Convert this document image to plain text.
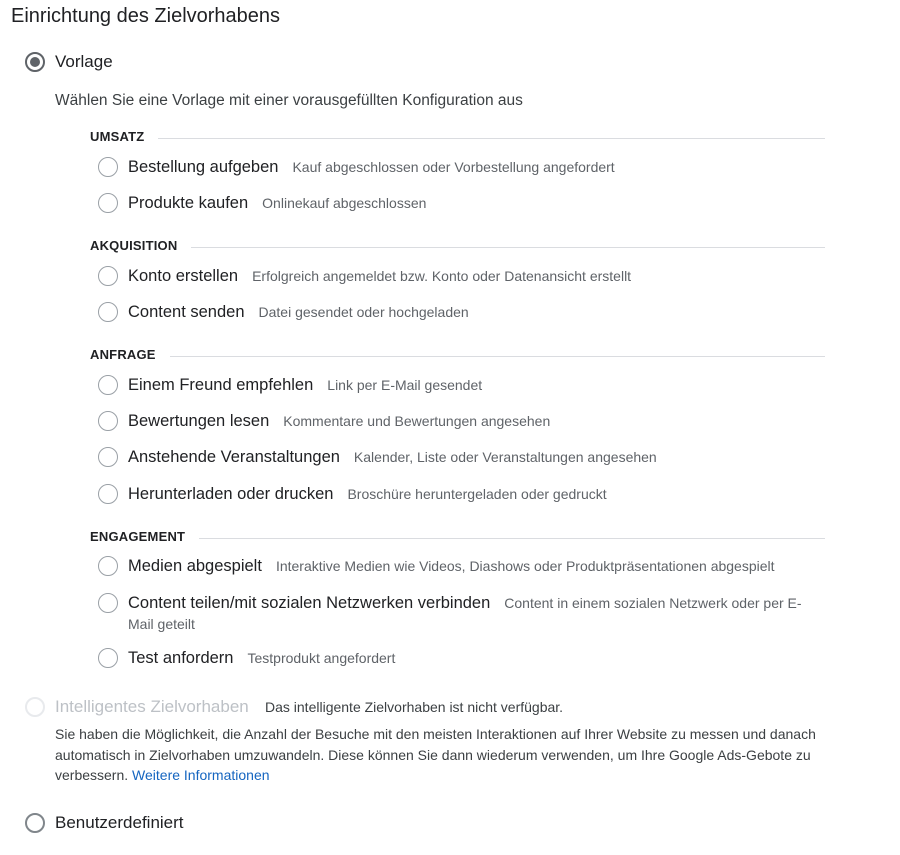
Einrichtung des Zielvorhabens
Vorlage
Wählen Sie eine Vorlage mit einer vorausgefüllten Konfiguration aus
UMSATZ
Bestellung aufgeben Kauf abgeschlossen oder Vorbestellung angefordert
Produkte kaufen Onlinekauf abgeschlossen
AKQUISITION
Konto erstellen Erfolgreich angemeldet bzw. Konto oder Datenansicht erstellt
Content senden Datei gesendet oder hochgeladen
ANFRAGE
Einem Freund empfehlen Link per E-Mail gesendet
Bewertungen lesen Kommentare und Bewertungen angesehen
Anstehende Veranstaltungen Kalender, Liste oder Veranstaltungen angesehen
Herunterladen oder drucken Broschüre heruntergeladen oder gedruckt
ENGAGEMENT
Medien abgespielt Interaktive Medien wie Videos, Diashows oder Produktpräsentationen abgespielt
Content teilen/mit sozialen Netzwerken verbinden Content in einem sozialen Netzwerk oder per E-Mail geteilt
Test anfordern Testprodukt angefordert
Intelligentes Zielvorhaben Das intelligente Zielvorhaben ist nicht verfügbar.
Sie haben die Möglichkeit, die Anzahl der Besuche mit den meisten Interaktionen auf Ihrer Website zu messen und danach automatisch in Zielvorhaben umzuwandeln. Diese können Sie dann wiederum verwenden, um Ihre Google Ads-Gebote zu verbessern. Weitere Informationen
Benutzerdefiniert
